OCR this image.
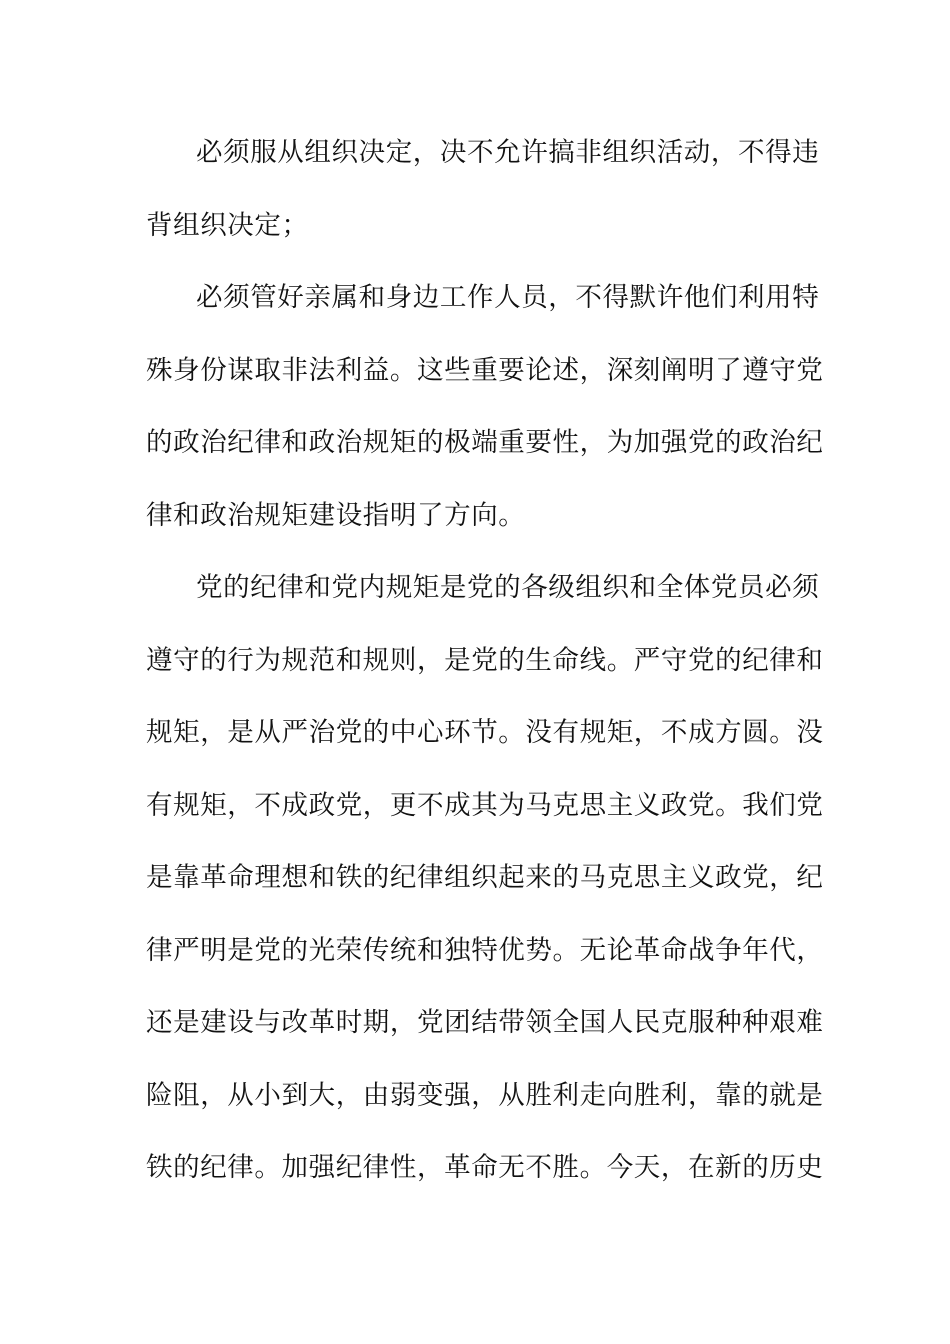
必须服从组织决定，决不允许搞非组织活动，不得违
背组织决定；
必须管好亲属和身边工作人员，不得默许他们利用特
殊身份谋取非法利益。这些重要论述，深刻阐明了遵守党
的政治纪律和政治规矩的极端重要性，为加强党的政治纪
律和政治规矩建设指明了方向。
党的纪律和党内规矩是党的各级组织和全体党员必须
遵守的行为规范和规则，是党的生命线。严守党的纪律和
规矩，是从严治党的中心环节。没有规矩，不成方圆。没
有规矩，不成政党，更不成其为马克思主义政党。我们党
是靠革命理想和铁的纪律组织起来的马克思主义政党，纪
律严明是党的光荣传统和独特优势。无论革命战争年代，
还是建设与改革时期，党团结带领全国人民克服种种艰难
险阻，从小到大，由弱变强，从胜利走向胜利，靠的就是
铁的纪律。加强纪律性，革命无不胜。今天，在新的历史
